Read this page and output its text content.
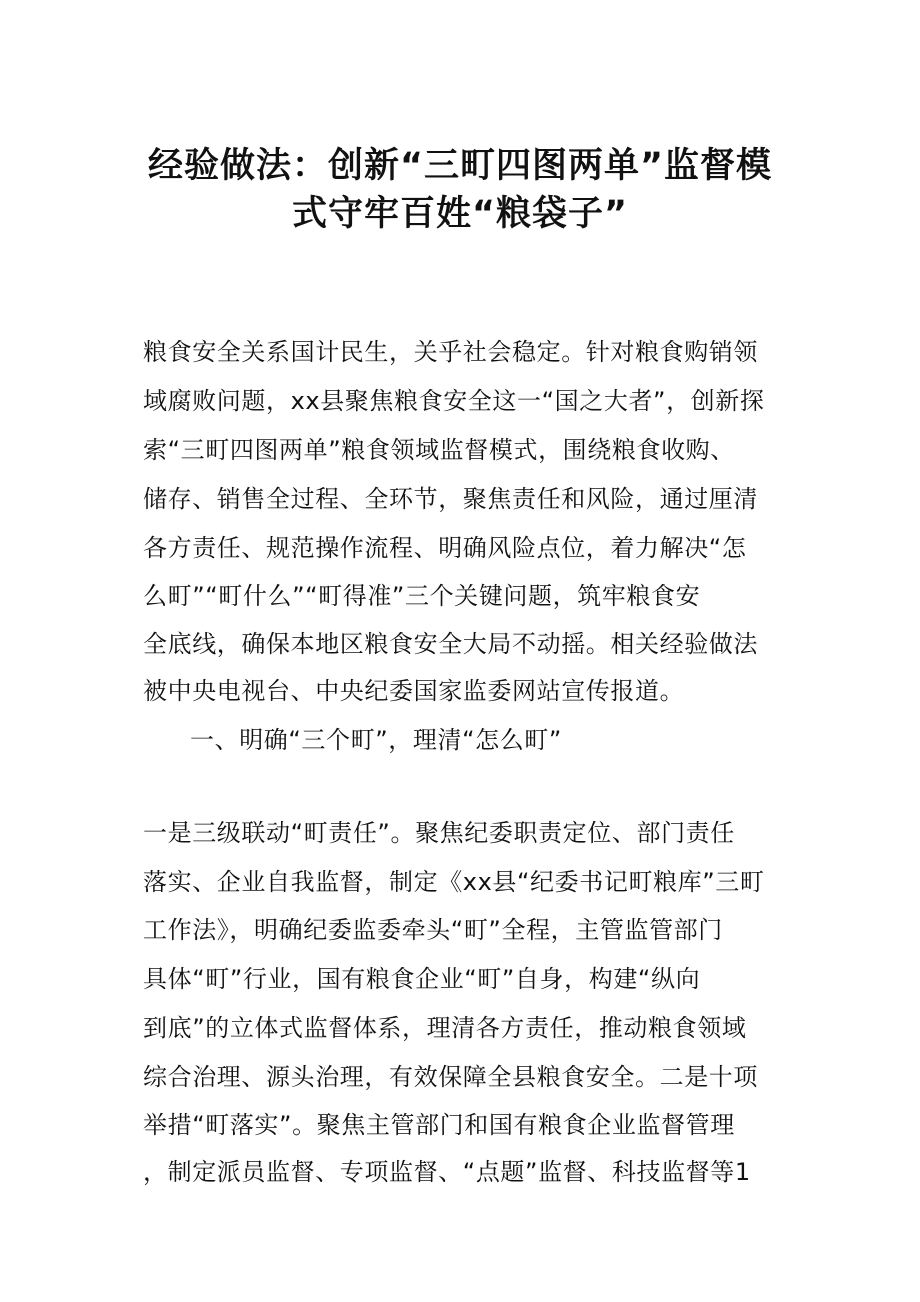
经验做法：创新“三町四图两单”监督模
式守牢百姓“粮袋子”
粮食安全关系国计民生，关乎社会稳定。针对粮食购销领
域腐败问题，xx县聚焦粮食安全这一“国之大者”，创新探
索“三町四图两单”粮食领域监督模式，围绕粮食收购、
储存、销售全过程、全环节，聚焦责任和风险，通过厘清
各方责任、规范操作流程、明确风险点位，着力解决“怎
么町”“町什么”“町得准”三个关键问题，筑牢粮食安
全底线，确保本地区粮食安全大局不动摇。相关经验做法
被中央电视台、中央纪委国家监委网站宣传报道。
一、明确“三个町”，理清“怎么町”
一是三级联动“町责任”。聚焦纪委职责定位、部门责任
落实、企业自我监督，制定《xx县“纪委书记町粮库”三町
工作法》，明确纪委监委牵头“町”全程，主管监管部门
具体“町”行业，国有粮食企业“町”自身，构建“纵向
到底”的立体式监督体系，理清各方责任，推动粮食领域
综合治理、源头治理，有效保障全县粮食安全。二是十项
举措“町落实”。聚焦主管部门和国有粮食企业监督管理
，制定派员监督、专项监督、“点题”监督、科技监督等1
